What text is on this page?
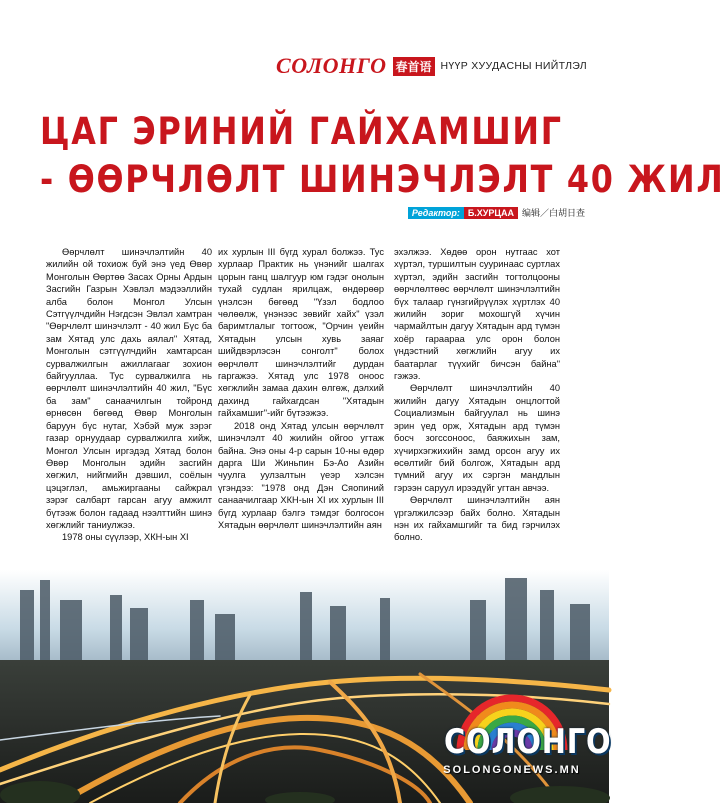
СОЛОНГО 春首语 НҮҮР ХУУДАСНЫ НИЙТЛЭЛ
ЦАГ ЭРИНИЙ ГАЙХАМШИГ
- ӨӨРЧЛӨЛТ ШИНЭЧЛЭЛТ 40 ЖИЛ
Редактор: Б.ХУРЦАА 编辑／白胡日查

Өөрчлөлт шинэчлэлтийн 40 жилийн ой тохиож буй энэ үед Өвөр Монголын Өөртөө Засах Орны Ардын Засгийн Газрын Хэвлэл мэдээллийн алба болон Монгол Улсын Сэтгүүлчдийн Нэгдсэн Эвлэл хамтран "Өөрчлөлт шинэчлэлт - 40 жил Бүс ба зам Хятад улс дахь аялал" Хятад, Монголын сэтгүүлчдийн хамтарсан сурвалжилгын ажиллагааг зохион байгууллаа. Тус сурвалжилга нь өөрчлөлт шинэчлэлтийн 40 жил, "Бүс ба зам" санаачилгын тойронд өрнөсөн бөгөөд Өвөр Монголын баруун бүс нутаг, Хэбэй муж зэрэг газар орнуудаар сурвалжилга хийж, Монгол Улсын иргэдэд Хятад болон Өвөр Монголын эдийн засгийн хөгжил, нийгмийн дэвшил, соёлын цэцэглэл, амьжиргааны сайжрал зэрэг салбарт гарсан агуу амжилт бүтээж болон гадаад нээлттийн шинэ хөгжлийг таниулжээ.

1978 оны сүүлээр, ХКН-ын XI

их хурлын III бүгд хурал болжээ. Тус хурлаар Практик нь үнэнийг шалгах цорын ганц шалгуур юм гэдэг онолын тухай судлан ярилцаж, өндөрөөр үнэлсэн бөгөөд "Үзэл бодлоо чөлөөлж, үнэнээс зөвийг хайх" үзэл баримтлалыг тогтоож, "Орчин үеийн Хятадын улсын хувь заяаг шийдвэрлэсэн сонголт" болох өөрчлөлт шинэчлэлтийг дурдан гаргажээ. Хятад улс 1978 оноос хөгжлийн замаа дахин өлгөж, дэлхий дахинд гайхагдсан "Хятадын гайхамшиг"-ийг бүтээжээ.

2018 онд Хятад улсын өөрчлөлт шинэчлэлт 40 жилийн ойгоо угтаж байна. Энэ оны 4-р сарын 10-ны өдөр дарга Ши Жиньпин Бэ-Ао Азийн чуулга уулзалтын үеэр хэлсэн үгэндээ: "1978 онд Дэн Сяопиний санаачилгаар ХКН-ын XI их хурлын III бүгд хурлаар бэлгэ тэмдэг болгосон Хятадын өөрчлөлт шинэчлэлтийн аян

эхэлжээ. Хөдөө орон нутгаас хот хүртэл, туршилтын сууринаас суртлах хүртэл, эдийн засгийн тогтолцооны өөрчлөлтөөс өөрчлөлт шинэчлэлтийн бүх талаар гүнзгийрүүлэх хүртлэх 40 жилийн зориг мохошгүй хүчин чармайлтын дагуу Хятадын ард түмэн хоёр гараараа улс орон болон үндэстний хөгжлийн агуу их баатарлаг түүхийг бичсэн байна" гэжээ.

Өөрчлөлт шинэчлэлтийн 40 жилийн дагуу Хятадын онцлогтой Социализмын байгуулал нь шинэ эрин үед орж, Хятадын ард түмэн босч зогссоноос, баяжихын зам, хүчирхэгжихийн замд орсон агуу их өсөлтийг бий болгож, Хятадын ард түмний агуу их сэргэн мандлын гэрээн саруул ирээдүйг угтан авчээ.

Өөрчлөлт шинэчлэлтийн аян үргэлжилсээр байх болно. Хятадын нэн их гайхамшгийг та бид гэрчилэх болно.

СОЛОНГО
SOLONGONEWS.MN
